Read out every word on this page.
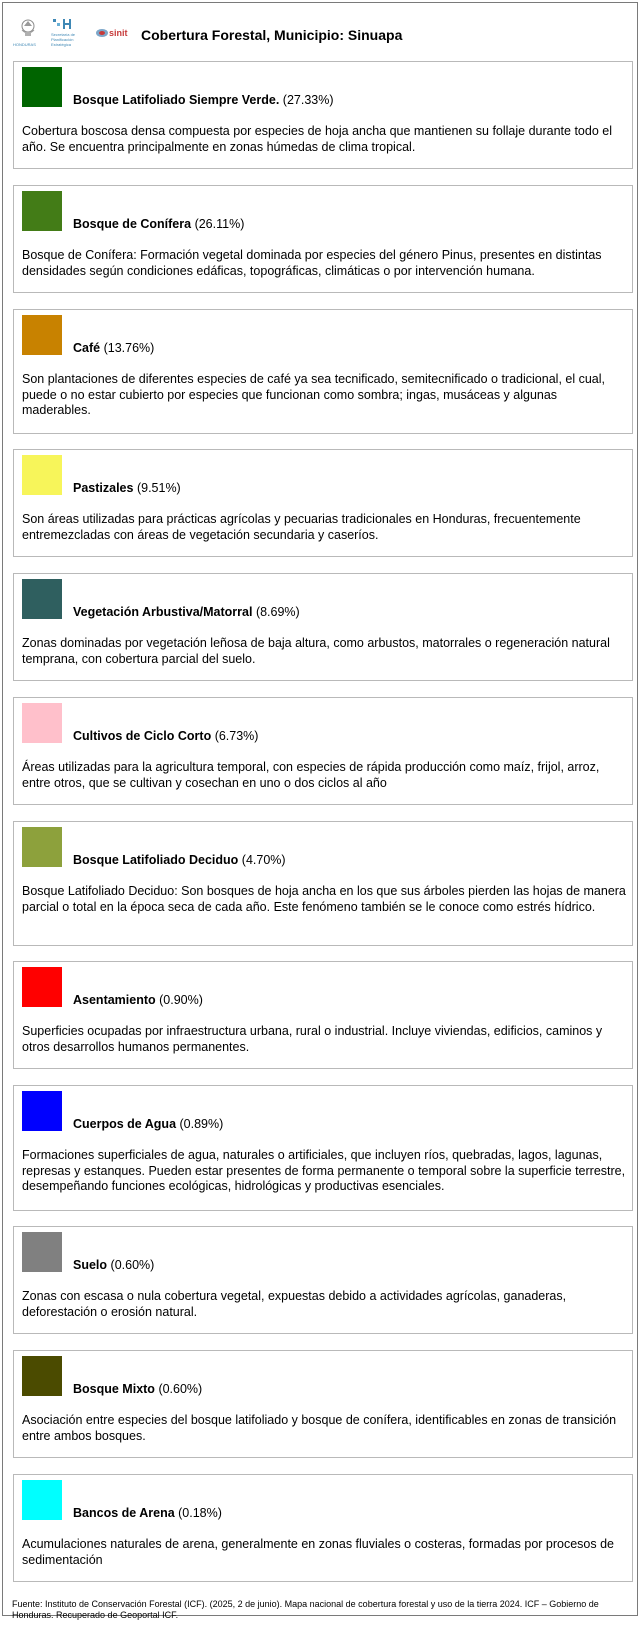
HONDURAS
Secretaría de Planificación Estratégica
sinit Cobertura Forestal, Municipio: Sinuapa
Bosque Latifoliado Siempre Verde. (27.33%)
Cobertura boscosa densa compuesta por especies de hoja ancha que mantienen su follaje durante todo el año. Se encuentra principalmente en zonas húmedas de clima tropical.
Bosque de Conífera (26.11%)
Bosque de Conífera: Formación vegetal dominada por especies del género Pinus, presentes en distintas densidades según condiciones edáficas, topográficas, climáticas o por intervención humana.
Café (13.76%)
Son plantaciones de diferentes especies de café ya sea tecnificado, semitecnificado o tradicional, el cual, puede o no estar cubierto por especies que funcionan como sombra; ingas, musáceas y algunas maderables.
Pastizales (9.51%)
Son áreas utilizadas para prácticas agrícolas y pecuarias tradicionales en Honduras, frecuentemente entremezcladas con áreas de vegetación secundaria y caseríos.
Vegetación Arbustiva/Matorral (8.69%)
Zonas dominadas por vegetación leñosa de baja altura, como arbustos, matorrales o regeneración natural temprana, con cobertura parcial del suelo.
Cultivos de Ciclo Corto (6.73%)
Áreas utilizadas para la agricultura temporal, con especies de rápida producción como maíz, frijol, arroz, entre otros, que se cultivan y cosechan en uno o dos ciclos al año
Bosque Latifoliado Deciduo (4.70%)
Bosque Latifoliado Deciduo: Son bosques de hoja ancha en los que sus árboles pierden las hojas de manera parcial o total en la época seca de cada año. Este fenómeno también se le conoce como estrés hídrico.
Asentamiento (0.90%)
Superficies ocupadas por infraestructura urbana, rural o industrial. Incluye viviendas, edificios, caminos y otros desarrollos humanos permanentes.
Cuerpos de Agua (0.89%)
Formaciones superficiales de agua, naturales o artificiales, que incluyen ríos, quebradas, lagos, lagunas, represas y estanques. Pueden estar presentes de forma permanente o temporal sobre la superficie terrestre, desempeñando funciones ecológicas, hidrológicas y productivas esenciales.
Suelo (0.60%)
Zonas con escasa o nula cobertura vegetal, expuestas debido a actividades agrícolas, ganaderas, deforestación o erosión natural.
Bosque Mixto (0.60%)
Asociación entre especies del bosque latifoliado y bosque de conífera, identificables en zonas de transición entre ambos bosques.
Bancos de Arena (0.18%)
Acumulaciones naturales de arena, generalmente en zonas fluviales o costeras, formadas por procesos de sedimentación
Fuente: Instituto de Conservación Forestal (ICF). (2025, 2 de junio). Mapa nacional de cobertura forestal y uso de la tierra 2024. ICF – Gobierno de Honduras. Recuperado de Geoportal ICF.
